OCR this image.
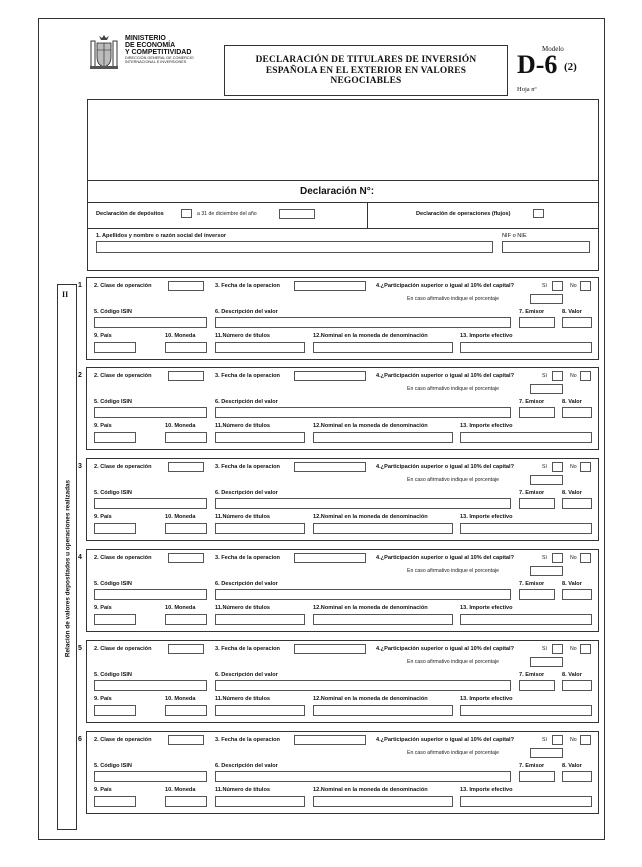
MINISTERIO
DE ECONOMÍA
Y COMPETITIVIDAD
DIRECCIÓN GENERAL DE COMERCIO
INTERNACIONAL E INVERSIONES	DECLARACIÓN DE TITULARES DE INVERSIÓN
ESPAÑOLA EN EL EXTERIOR EN VALORES
NEGOCIABLES
Modelo
D-6 (2)
Hoja nº
Declaración N°:
Declaración de depósitos	a 31 de diciembre del año	Declaración de operaciones (flujos)
1. Apellidos y nombre o razón social del inversor	NIF o NIE
II
Relación de valores depositados u operaciones realizadas
1 2. Clase de operación	3. Fecha de la operacion	4.¿Participación superior o igual al 10% del capital?	Sí	No
En caso afirmativo indique el porcentaje
5. Código ISIN	6. Descripción del valor	7. Emisor	8. Valor
9. País	10. Moneda	11.Número de títulos	12.Nominal en la moneda de denominación	13. Importe efectivo
2 2. Clase de operación	3. Fecha de la operacion	4.¿Participación superior o igual al 10% del capital?	Sí	No
En caso afirmativo indique el porcentaje
5. Código ISIN	6. Descripción del valor	7. Emisor	8. Valor
9. País	10. Moneda	11.Número de títulos	12.Nominal en la moneda de denominación	13. Importe efectivo
3 2. Clase de operación	3. Fecha de la operacion	4.¿Participación superior o igual al 10% del capital?	Sí	No
En caso afirmativo indique el porcentaje
5. Código ISIN	6. Descripción del valor	7. Emisor	8. Valor
9. País	10. Moneda	11.Número de títulos	12.Nominal en la moneda de denominación	13. Importe efectivo
4 2. Clase de operación	3. Fecha de la operacion	4.¿Participación superior o igual al 10% del capital?	Sí	No
En caso afirmativo indique el porcentaje
5. Código ISIN	6. Descripción del valor	7. Emisor	8. Valor
9. País	10. Moneda	11.Número de títulos	12.Nominal en la moneda de denominación	13. Importe efectivo
5 2. Clase de operación	3. Fecha de la operacion	4.¿Participación superior o igual al 10% del capital?	Sí	No
En caso afirmativo indique el porcentaje
5. Código ISIN	6. Descripción del valor	7. Emisor	8. Valor
9. País	10. Moneda	11.Número de títulos	12.Nominal en la moneda de denominación	13. Importe efectivo
6 2. Clase de operación	3. Fecha de la operacion	4.¿Participación superior o igual al 10% del capital?	Sí	No
En caso afirmativo indique el porcentaje
5. Código ISIN	6. Descripción del valor	7. Emisor	8. Valor
9. País	10. Moneda	11.Número de títulos	12.Nominal en la moneda de denominación	13. Importe efectivo
